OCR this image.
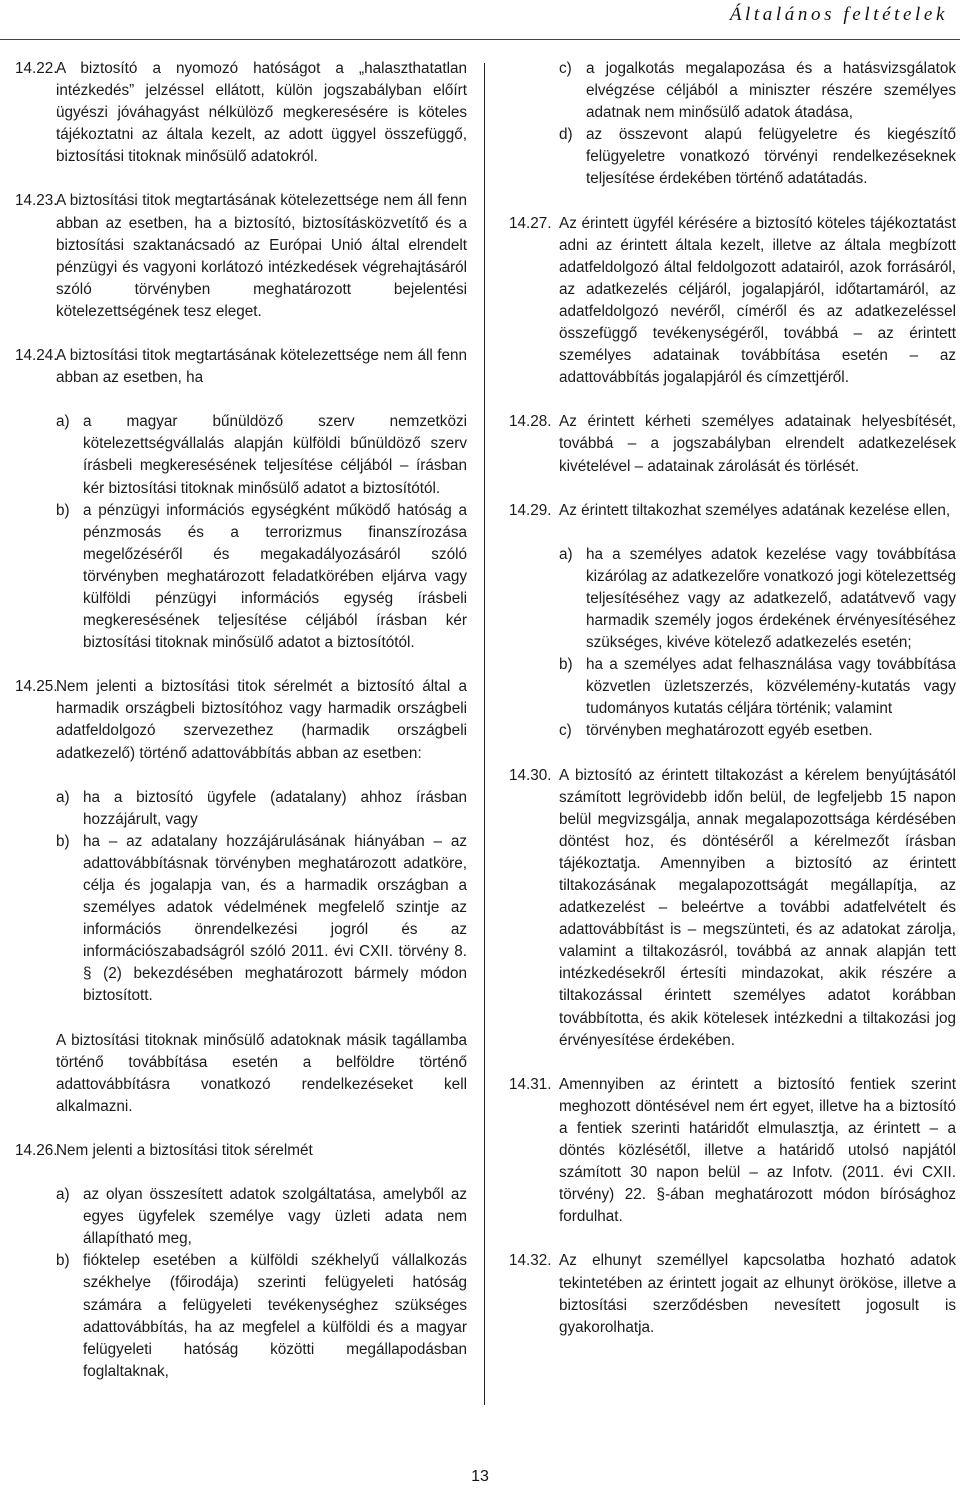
Általános feltételek
14.22.
A biztosító a nyomozó hatóságot a „halaszthatatlan intézkedés” jelzéssel ellátott, külön jogszabályban előírt ügyészi jóváhagyást nélkülöző megkeresésére is köteles tájékoztatni az általa kezelt, az adott üggyel összefüggő, biztosítási titoknak minősülő adatokról.
14.23.
A biztosítási titok megtartásának kötelezettsége nem áll fenn abban az esetben, ha a biztosító, biztosításközvetítő és a biztosítási szaktanácsadó az Európai Unió által elrendelt pénzügyi és vagyoni korlátozó intézkedések végrehajtásáról szóló törvényben meghatározott bejelentési kötelezettségének tesz eleget.
14.24.
A biztosítási titok megtartásának kötelezettsége nem áll fenn abban az esetben, ha
a) a magyar bűnüldöző szerv nemzetközi kötelezettségvállalás alapján külföldi bűnüldöző szerv írásbeli megkeresésének teljesítése céljából – írásban kér biztosítási titoknak minősülő adatot a biztosítótól.
b) a pénzügyi információs egységként működő hatóság a pénzmosás és a terrorizmus finanszírozása megelőzéséről és megakadályozásáról szóló törvényben meghatározott feladatkörében eljárva vagy külföldi pénzügyi információs egység írásbeli megkeresésének teljesítése céljából írásban kér biztosítási titoknak minősülő adatot a biztosítótól.
14.25.
Nem jelenti a biztosítási titok sérelmét a biztosító által a harmadik országbeli biztosítóhoz vagy harmadik országbeli adatfeldolgozó szervezethez (harmadik országbeli adatkezelő) történő adattovábbítás abban az esetben:
a) ha a biztosító ügyfele (adatalany) ahhoz írásban hozzájárult, vagy
b) ha – az adatalany hozzájárulásának hiányában – az adattovábbításnak törvényben meghatározott adatköre, célja és jogalapja van, és a harmadik országban a személyes adatok védelmének megfelelő szintje az információs önrendelkezési jogról és az információszabadságról szóló 2011. évi CXII. törvény 8. § (2) bekezdésében meghatározott bármely módon biztosított.
A biztosítási titoknak minősülő adatoknak másik tagállamba történő továbbítása esetén a belföldre történő adattovábbításra vonatkozó rendelkezéseket kell alkalmazni.
14.26.
Nem jelenti a biztosítási titok sérelmét
a) az olyan összesített adatok szolgáltatása, amelyből az egyes ügyfelek személye vagy üzleti adata nem állapítható meg,
b) fióktelep esetében a külföldi székhelyű vállalkozás székhelye (főirodája) szerinti felügyeleti hatóság számára a felügyeleti tevékenységhez szükséges adattovábbítás, ha az megfelel a külföldi és a magyar felügyeleti hatóság közötti megállapodásban foglaltaknak,
c) a jogalkotás megalapozása és a hatásvizsgálatok elvégzése céljából a miniszter részére személyes adatnak nem minősülő adatok átadása,
d) az összevont alapú felügyeletre és kiegészítő felügyeletre vonatkozó törvényi rendelkezéseknek teljesítése érdekében történő adatátadás.
14.27. Az érintett ügyfél kérésére a biztosító köteles tájékoztatást adni az érintett általa kezelt, illetve az általa megbízott adatfeldolgozó által feldolgozott adatairól, azok forrásáról, az adatkezelés céljáról, jogalapjáról, időtartamáról, az adatfeldolgozó nevéről, címéről és az adatkezeléssel összefüggő tevékenységéről, továbbá – az érintett személyes adatainak továbbítása esetén – az adattovábbítás jogalapjáról és címzettjéről.
14.28. Az érintett kérheti személyes adatainak helyesbítését, továbbá – a jogszabályban elrendelt adatkezelések kivételével – adatainak zárolását és törlését.
14.29. Az érintett tiltakozhat személyes adatának kezelése ellen,
a) ha a személyes adatok kezelése vagy továbbítása kizárólag az adatkezelőre vonatkozó jogi kötelezettség teljesítéséhez vagy az adatkezelő, adatátvevő vagy harmadik személy jogos érdekének érvényesítéséhez szükséges, kivéve kötelező adatkezelés esetén;
b) ha a személyes adat felhasználása vagy továbbítása közvetlen üzletszerzés, közvélemény-kutatás vagy tudományos kutatás céljára történik; valamint
c) törvényben meghatározott egyéb esetben.
14.30. A biztosító az érintett tiltakozást a kérelem benyújtásától számított legrövidebb időn belül, de legfeljebb 15 napon belül megvizsgálja, annak megalapozottsága kérdésében döntést hoz, és döntéséről a kérelmezőt írásban tájékoztatja. Amennyiben a biztosító az érintett tiltakozásának megalapozottságát megállapítja, az adatkezelést – beleértve a további adatfelvételt és adattovábbítást is – megszünteti, és az adatokat zárolja, valamint a tiltakozásról, továbbá az annak alapján tett intézkedésekről értesíti mindazokat, akik részére a tiltakozással érintett személyes adatot korábban továbbította, és akik kötelesek intézkedni a tiltakozási jog érvényesítése érdekében.
14.31. Amennyiben az érintett a biztosító fentiek szerint meghozott döntésével nem ért egyet, illetve ha a biztosító a fentiek szerinti határidőt elmulasztja, az érintett – a döntés közlésétől, illetve a határidő utolsó napjától számított 30 napon belül – az Infotv. (2011. évi CXII. törvény) 22. §-ában meghatározott módon bírósághoz fordulhat.
14.32. Az elhunyt személlyel kapcsolatba hozható adatok tekintetében az érintett jogait az elhunyt örököse, illetve a biztosítási szerződésben nevesített jogosult is gyakorolhatja.
13
